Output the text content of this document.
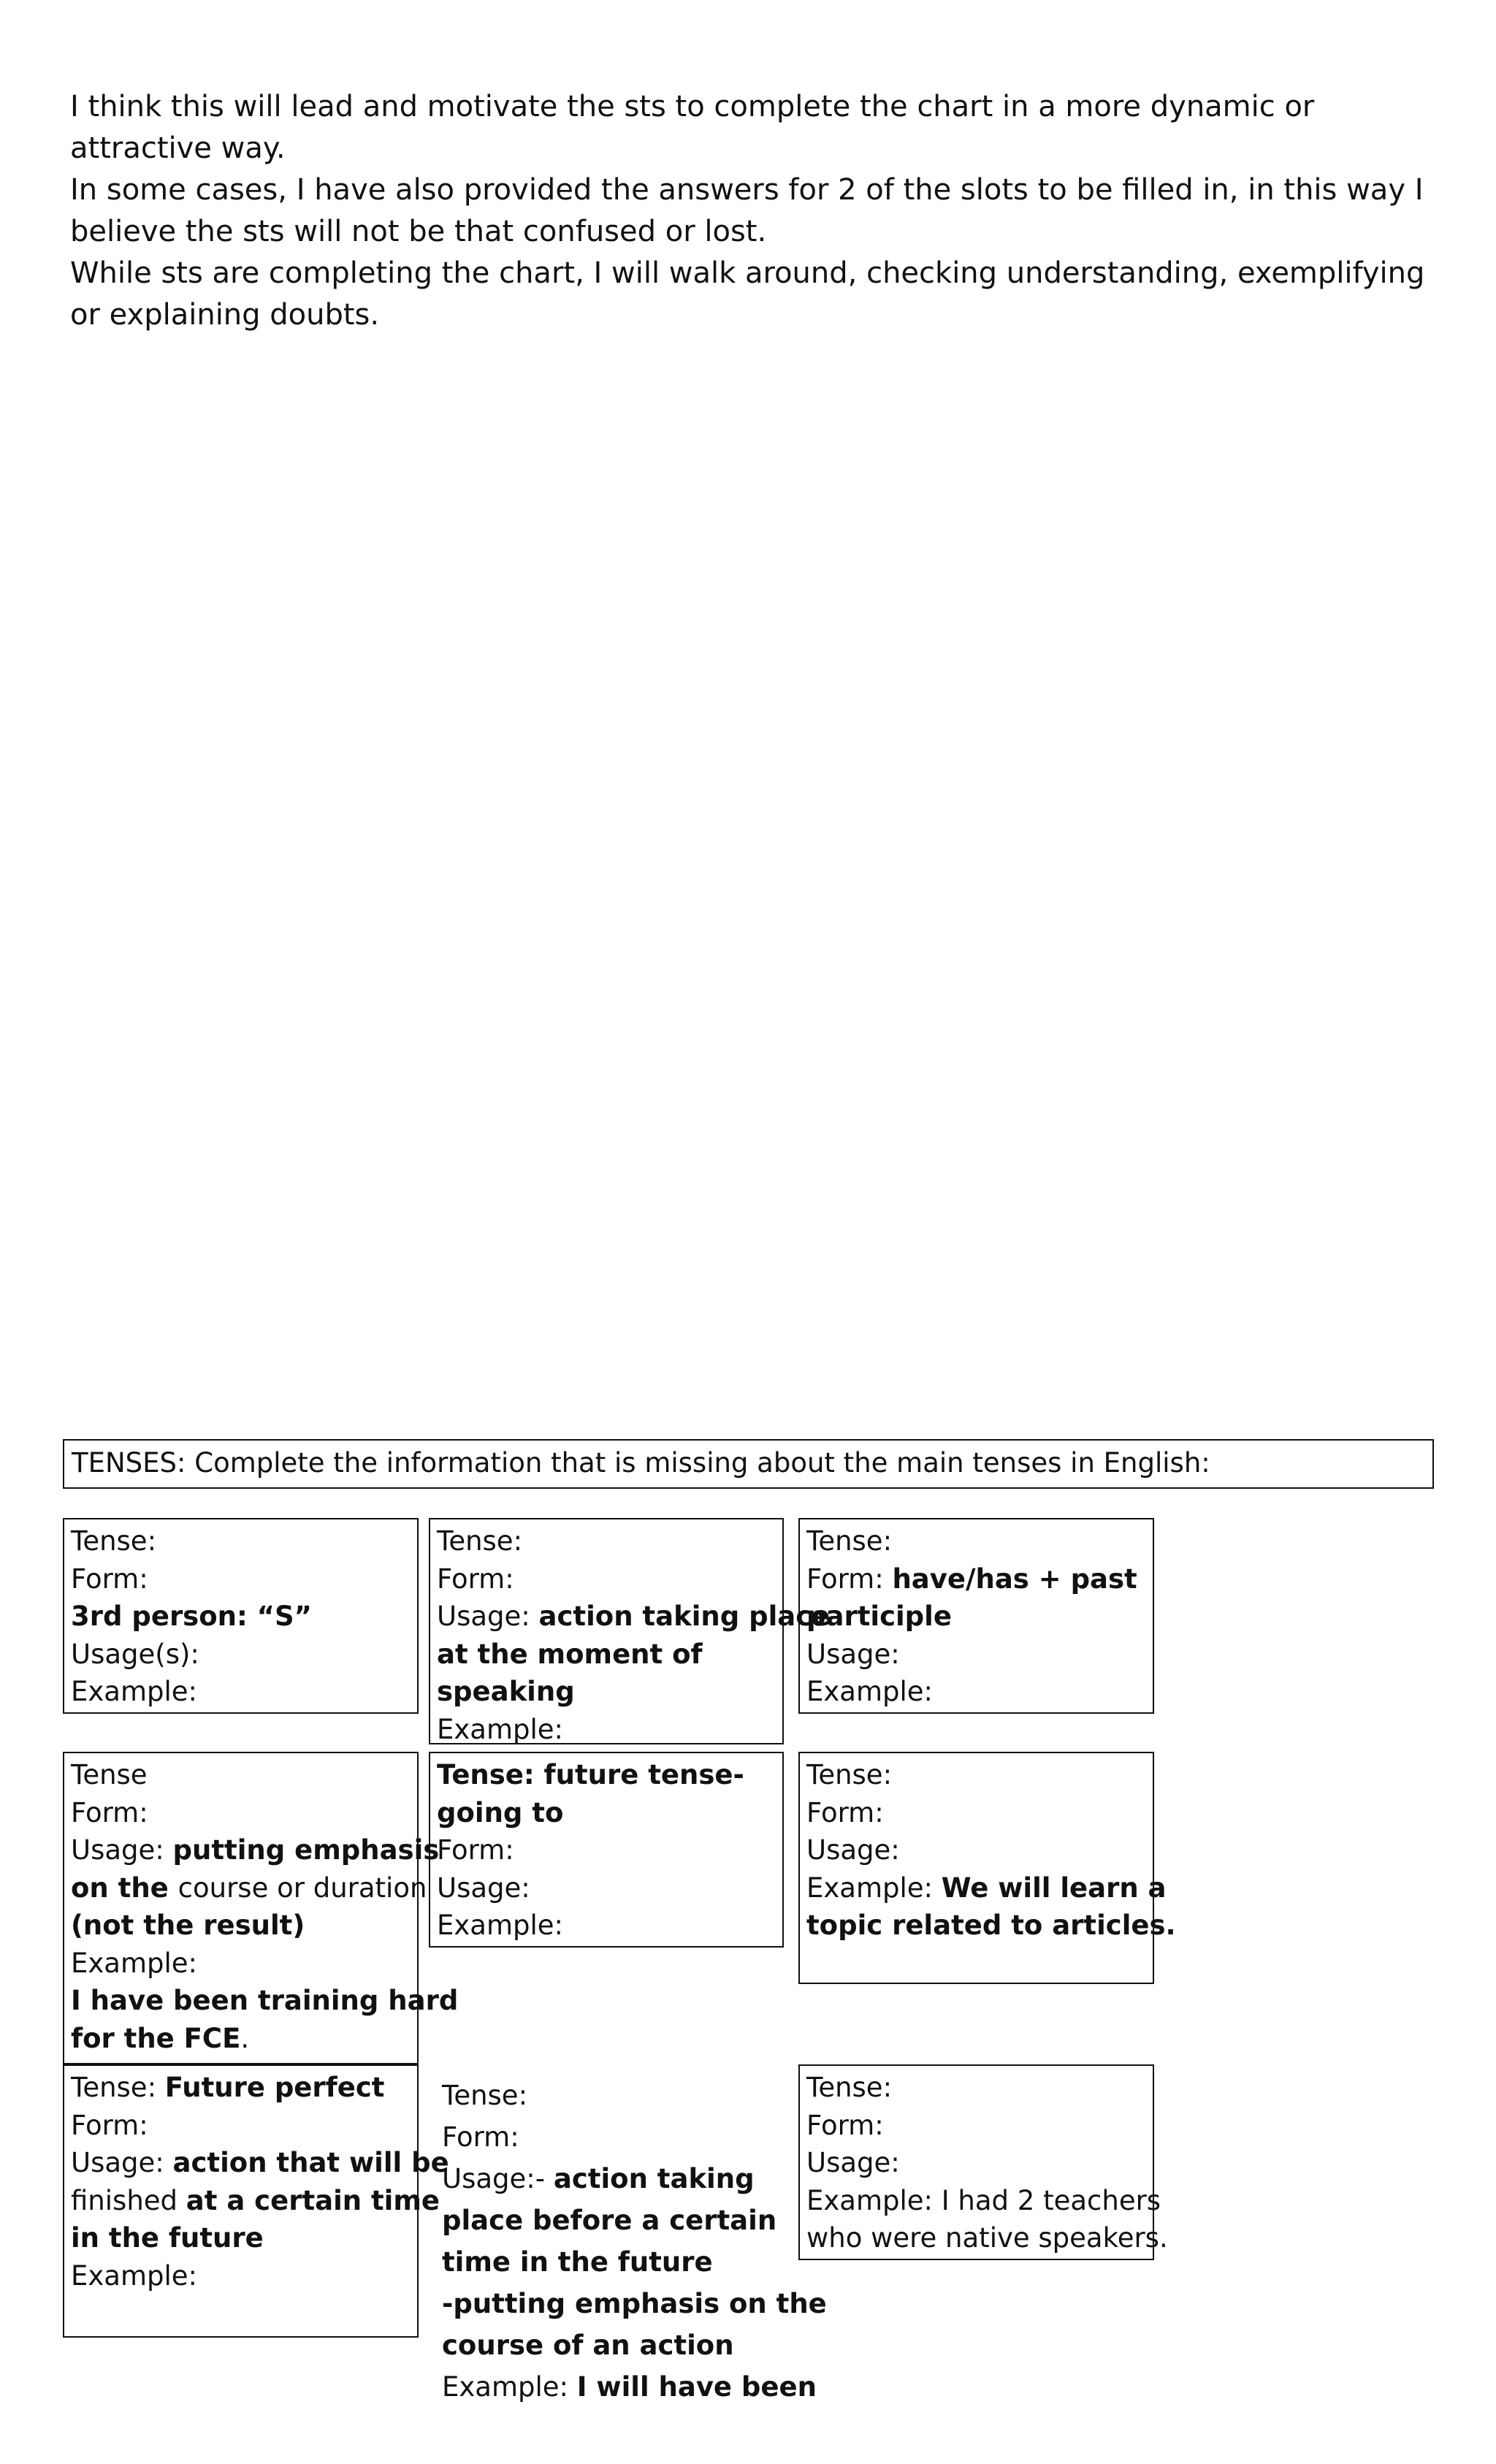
I think this will lead and motivate the sts to complete the chart in a more dynamic or attractive way.

In some cases, I have also provided the answers for 2 of the slots to be filled in, in this way I believe the sts will not be that confused or lost.

While sts are completing the chart, I will walk around, checking understanding, exemplifying or explaining doubts.

TENSES: Complete the information that is missing about the main tenses in English:
Tense:
Form:
3rd person: “S”
Usage(s):
Example:
Tense:
Form:
Usage: action taking place
at the moment of
speaking
Example:
Tense:
Form: have/has + past
participle
Usage:
Example:
Tense
Form:
Usage: putting emphasis
on the course or duration
(not the result)
Example:
I have been training hard
for the FCE.
Tense: future tense-
going to
Form:
Usage:
Example:
Tense:
Form:
Usage:
Example: We will learn a
topic related to articles.
Tense: Future perfect
Form:
Usage: action that will be
finished at a certain time
in the future
Example:
Tense:
Form:
Usage:- action taking
place before a certain
time in the future
-putting emphasis on the
course of an action
Example: I will have been
Tense:
Form:
Usage:
Example: I had 2 teachers
who were native speakers.
